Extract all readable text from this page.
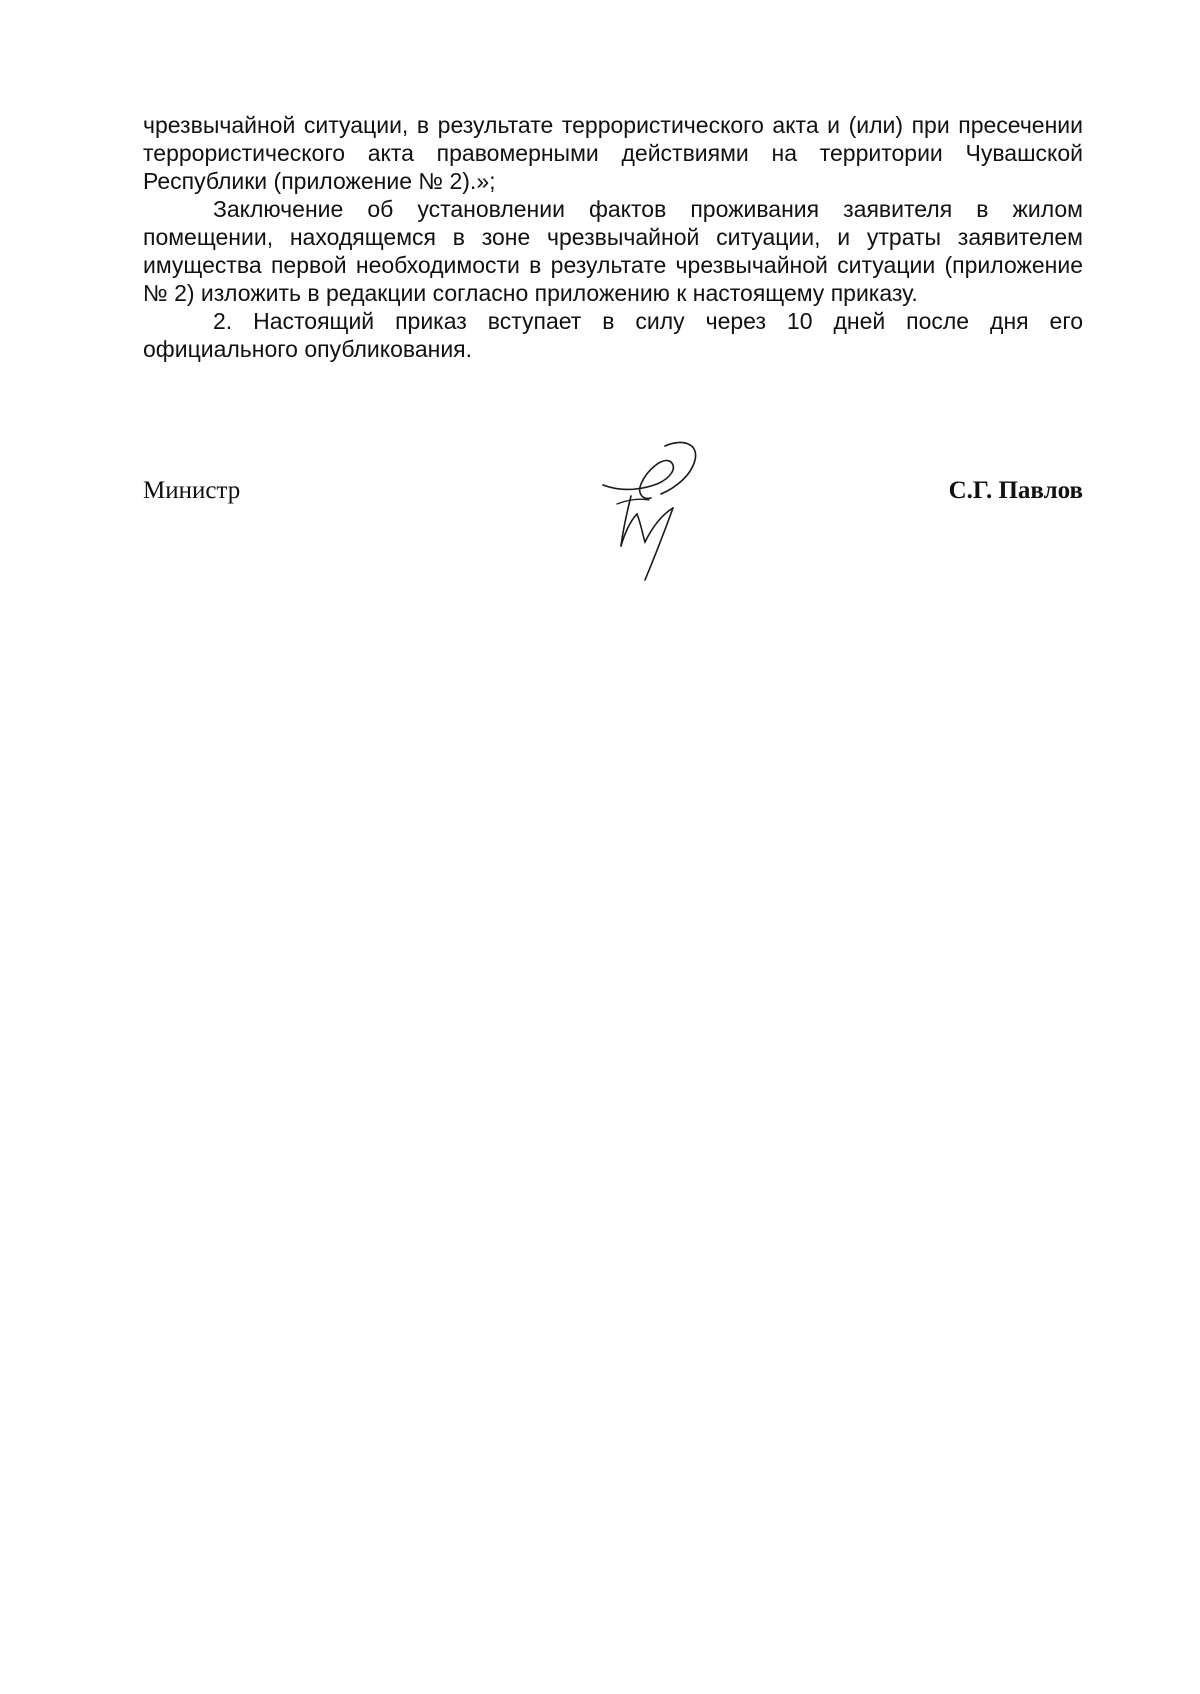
чрезвычайной ситуации, в результате террористического акта и (или) при пресечении террористического акта правомерными действиями на территории Чувашской Республики (приложение № 2).»;

Заключение об установлении фактов проживания заявителя в жилом помещении, находящемся в зоне чрезвычайной ситуации, и утраты заявителем имущества первой необходимости в результате чрезвычайной ситуации (приложение № 2) изложить в редакции согласно приложению к настоящему приказу.

2. Настоящий приказ вступает в силу через 10 дней после дня его официального опубликования.

Министр	С.Г. Павлов
